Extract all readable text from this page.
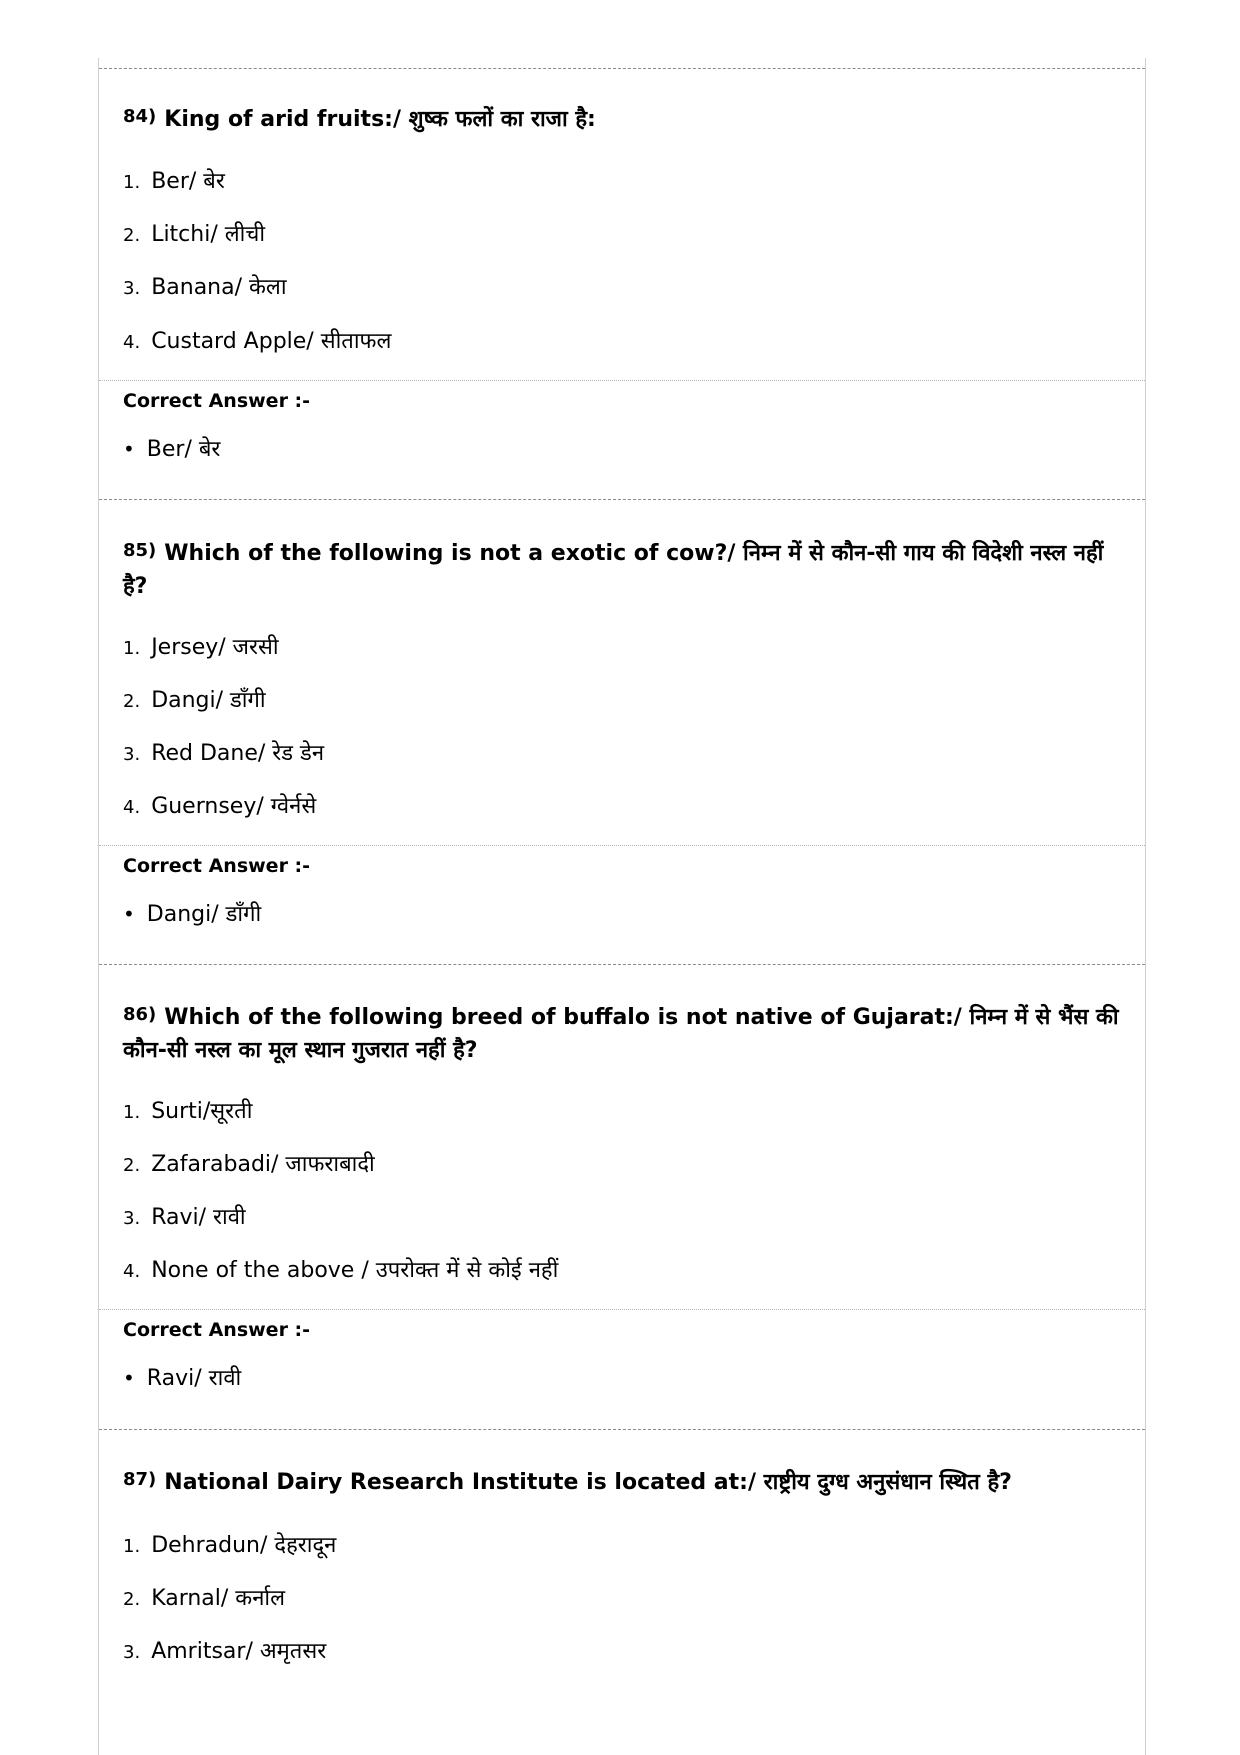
84) King of arid fruits:/ शुष्क फलों का राजा है:
1. Ber/ बेर
2. Litchi/ लीची
3. Banana/ केला
4. Custard Apple/ सीताफल
Correct Answer :-
• Ber/ बेर
85) Which of the following is not a exotic of cow?/ निम्न में से कौन-सी गाय की विदेशी नस्ल नहीं है?
1. Jersey/ जरसी
2. Dangi/ डाँगी
3. Red Dane/ रेड डेन
4. Guernsey/ ग्वेर्नसे
Correct Answer :-
• Dangi/ डाँगी
86) Which of the following breed of buffalo is not native of Gujarat:/ निम्न में से भैंस की कौन-सी नस्ल का मूल स्थान गुजरात नहीं है?
1. Surti/सूरती
2. Zafarabadi/ जाफराबादी
3. Ravi/ रावी
4. None of the above / उपरोक्त में से कोई नहीं
Correct Answer :-
• Ravi/ रावी
87) National Dairy Research Institute is located at:/ राष्ट्रीय दुग्ध अनुसंधान स्थित है?
1. Dehradun/ देहरादून
2. Karnal/ कर्नाल
3. Amritsar/ अमृतसर
